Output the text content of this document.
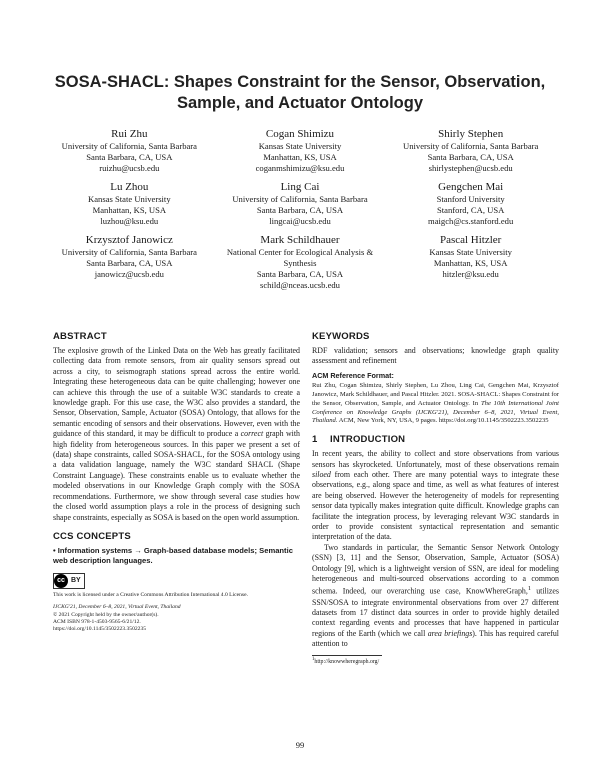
SOSA-SHACL: Shapes Constraint for the Sensor, Observation, Sample, and Actuator Ontology
Rui Zhu
University of California, Santa Barbara
Santa Barbara, CA, USA
ruizhu@ucsb.edu
Cogan Shimizu
Kansas State University
Manhattan, KS, USA
coganmshimizu@ksu.edu
Shirly Stephen
University of California, Santa Barbara
Santa Barbara, CA, USA
shirlystephen@ucsb.edu
Lu Zhou
Kansas State University
Manhattan, KS, USA
luzhou@ksu.edu
Ling Cai
University of California, Santa Barbara
Santa Barbara, CA, USA
lingcai@ucsb.edu
Gengchen Mai
Stanford University
Stanford, CA, USA
maigch@cs.stanford.edu
Krzysztof Janowicz
University of California, Santa Barbara
Santa Barbara, CA, USA
janowicz@ucsb.edu
Mark Schildhauer
National Center for Ecological Analysis & Synthesis
Santa Barbara, CA, USA
schild@nceas.ucsb.edu
Pascal Hitzler
Kansas State University
Manhattan, KS, USA
hitzler@ksu.edu
ABSTRACT

The explosive growth of the Linked Data on the Web has greatly facilitated collecting data from remote sensors, from air quality sensors spread out across a city, to seismograph stations spread across the entire world. Integrating these heterogeneous data can be quite challenging; however one can achieve this through the use of a suitable W3C standards to create a knowledge graph. For this use case, the W3C also provides a standard, the Sensor, Observation, Sample, Actuator (SOSA) Ontology, that allows for the semantic encoding of sensors and their observations. However, even with the guidance of this standard, it may be difficult to produce a correct graph with high fidelity from heterogeneous sources. In this paper we present a set of (data) shape constraints, called SOSA-SHACL, for the SOSA ontology using a data validation language, namely the W3C standard SHACL (Shape Constraint Language). These constraints enable us to evaluate whether the modeled observations in our Knowledge Graph comply with the SOSA recommendations. Furthermore, we show through several case studies how the closed world assumption plays a role in the process of designing such shape constraints, especially as SOSA is based on the open world assumption.

CCS CONCEPTS
• Information systems → Graph-based database models; Semantic web description languages.
cc BY
This work is licensed under a Creative Commons Attribution International 4.0 License.
IJCKG'21, December 6–8, 2021, Virtual Event, Thailand
© 2021 Copyright held by the owner/author(s).
ACM ISBN 978-1-4503-9565-6/21/12.
https://doi.org/10.1145/3502223.3502235
KEYWORDS

RDF validation; sensors and observations; knowledge graph quality assessment and refinement

ACM Reference Format:

Rui Zhu, Cogan Shimizu, Shirly Stephen, Lu Zhou, Ling Cai, Gengchen Mai, Krzysztof Janowicz, Mark Schildhauer, and Pascal Hitzler. 2021. SOSA-SHACL: Shapes Constraint for the Sensor, Observation, Sample, and Actuator Ontology. In The 10th International Joint Conference on Knowledge Graphs (IJCKG'21), December 6–8, 2021, Virtual Event, Thailand. ACM, New York, NY, USA, 9 pages. https://doi.org/10.1145/3502223.3502235

1 INTRODUCTION

In recent years, the ability to collect and store observations from various sensors has skyrocketed. Unfortunately, most of these observations remain siloed from each other. There are many potential ways to integrate these observations, e.g., along space and time, as well as what features of interest are being observed. However the heterogeneity of models for representing sensor data typically makes integration quite difficult. Knowledge graphs can facilitate the integration process, by leveraging relevant W3C standards in order to provide consistent syntactical representation and semantic interpretation of the data.

Two standards in particular, the Semantic Sensor Network Ontology (SSN) [3, 11] and the Sensor, Observation, Sample, Actuator (SOSA) Ontology [9], which is a lightweight version of SSN, are ideal for modeling heterogeneous and multi-sourced observations according to a common schema. Indeed, our overarching use case, KnowWhereGraph,$^1$ utilizes SSN/SOSA to integrate environmental observations from over 27 different datasets from 17 distinct data sources in order to provide highly detailed context regarding events and processes that have happened in particular regions of the Earth (which we call area briefings). This has required careful attention to

$^1$http://knowwheregraph.org/
99
